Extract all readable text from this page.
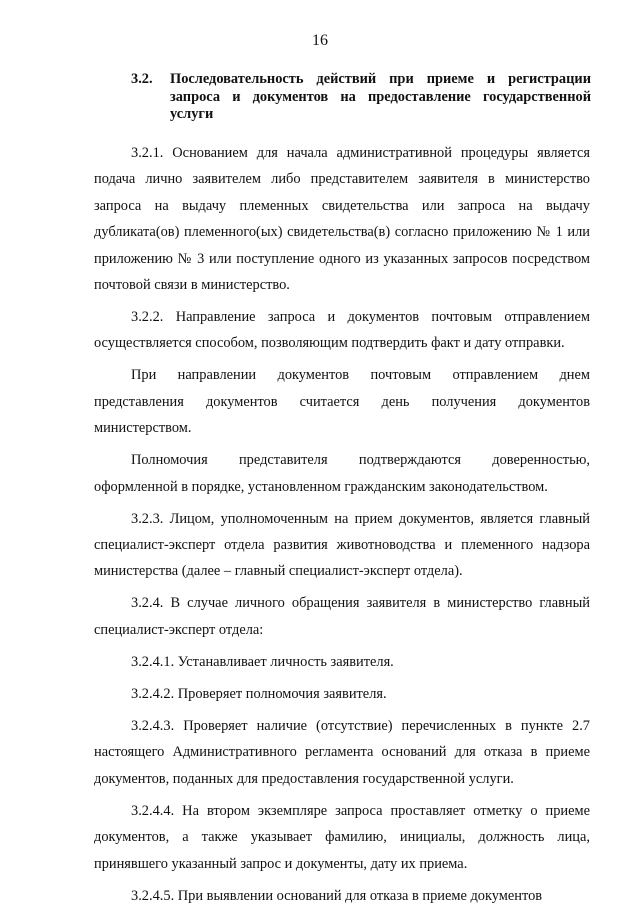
16
3.2. Последовательность действий при приеме и регистрации запроса и документов на предоставление государственной услуги

3.2.1. Основанием для начала административной процедуры является подача лично заявителем либо представителем заявителя в министерство запроса на выдачу племенных свидетельства или запроса на выдачу дубликата(ов) племенного(ых) свидетельства(в) согласно приложению № 1 или приложению № 3 или поступление одного из указанных запросов посредством почтовой связи в министерство.

3.2.2. Направление запроса и документов почтовым отправлением осуществляется способом, позволяющим подтвердить факт и дату отправки.

При направлении документов почтовым отправлением днем представления документов считается день получения документов министерством.

Полномочия представителя подтверждаются доверенностью, оформленной в порядке, установленном гражданским законодательством.

3.2.3. Лицом, уполномоченным на прием документов, является главный специалист-эксперт отдела развития животноводства и племенного надзора министерства (далее – главный специалист-эксперт отдела).

3.2.4. В случае личного обращения заявителя в министерство главный специалист-эксперт отдела:

3.2.4.1. Устанавливает личность заявителя.

3.2.4.2. Проверяет полномочия заявителя.

3.2.4.3. Проверяет наличие (отсутствие) перечисленных в пункте 2.7 настоящего Административного регламента оснований для отказа в приеме документов, поданных для предоставления государственной услуги.

3.2.4.4. На втором экземпляре запроса проставляет отметку о приеме документов, а также указывает фамилию, инициалы, должность лица, принявшего указанный запрос и документы, дату их приема.

3.2.4.5. При выявлении оснований для отказа в приеме документов
